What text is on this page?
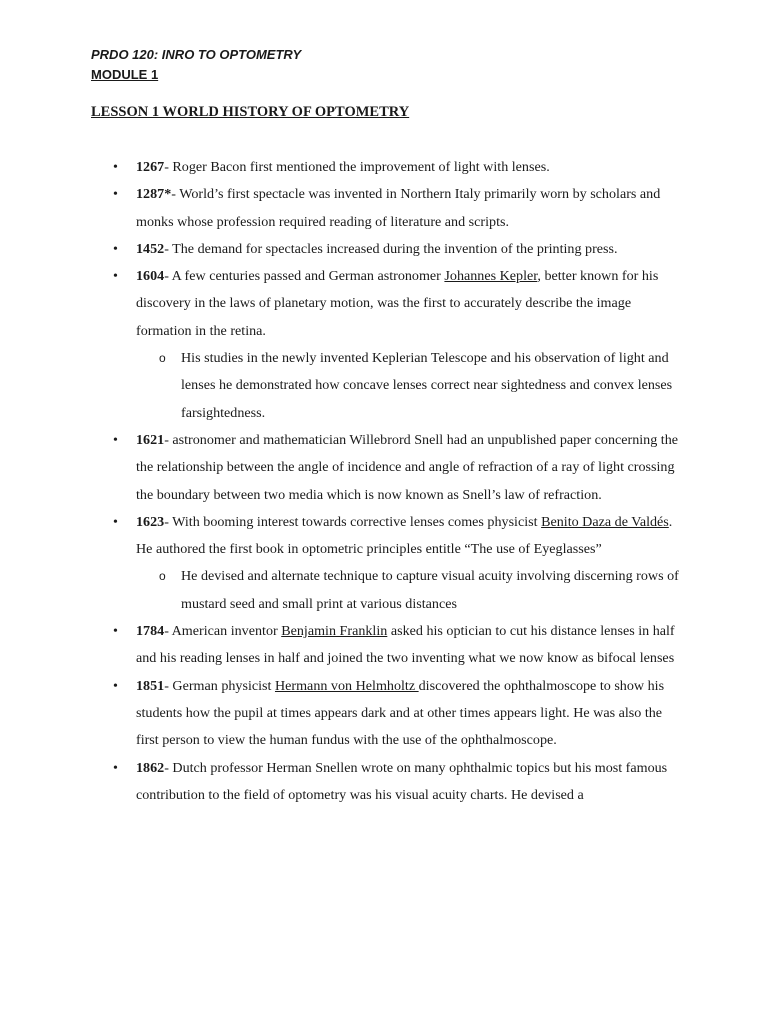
PRDO 120: INRO TO OPTOMETRY

MODULE 1

LESSON 1 WORLD HISTORY OF OPTOMETRY

• 1267- Roger Bacon first mentioned the improvement of light with lenses.
• 1287*- World’s first spectacle was invented in Northern Italy primarily worn by scholars and monks whose profession required reading of literature and scripts.
• 1452- The demand for spectacles increased during the invention of the printing press.
• 1604- A few centuries passed and German astronomer Johannes Kepler, better known for his discovery in the laws of planetary motion, was the first to accurately describe the image formation in the retina.
o His studies in the newly invented Keplerian Telescope and his observation of light and lenses he demonstrated how concave lenses correct near sightedness and convex lenses farsightedness.
• 1621- astronomer and mathematician Willebrord Snell had an unpublished paper concerning the the relationship between the angle of incidence and angle of refraction of a ray of light crossing the boundary between two media which is now known as Snell’s law of refraction.
• 1623- With booming interest towards corrective lenses comes physicist Benito Daza de Valdés. He authored the first book in optometric principles entitle “The use of Eyeglasses”
o He devised and alternate technique to capture visual acuity involving discerning rows of mustard seed and small print at various distances
• 1784- American inventor Benjamin Franklin asked his optician to cut his distance lenses in half and his reading lenses in half and joined the two inventing what we now know as bifocal lenses
• 1851- German physicist Hermann von Helmholtz discovered the ophthalmoscope to show his students how the pupil at times appears dark and at other times appears light. He was also the first person to view the human fundus with the use of the ophthalmoscope.
• 1862- Dutch professor Herman Snellen wrote on many ophthalmic topics but his most famous contribution to the field of optometry was his visual acuity charts. He devised a
